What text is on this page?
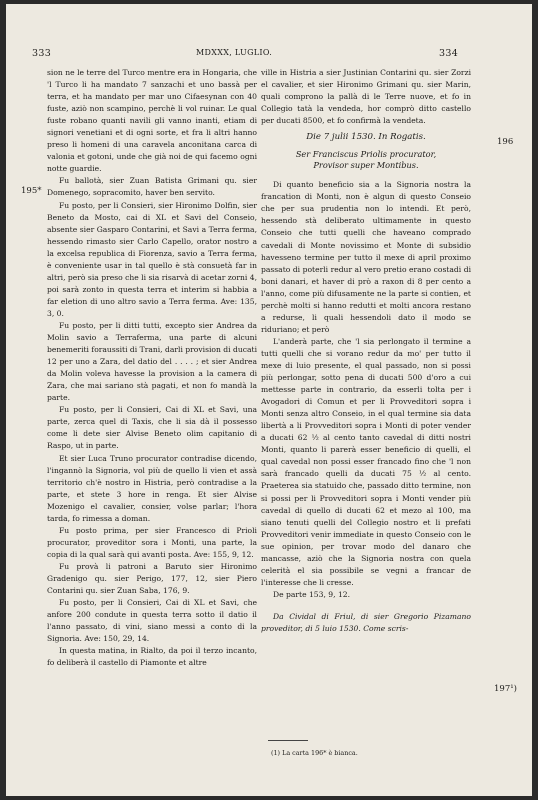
333	MDXXX, LUGLIO.	334
195*
196
197¹)

sion ne le terre del Turco mentre era in Hongaria, che 'l Turco li ha mandato 7 sanzachi et uno bassà per terra, et ha mandato per mar uno Cifaesynan con 40 fuste, aziò non scampino, perchè li vol ruinar. Le qual fuste robano quanti navili gli vanno inanti, etiam di signori venetiani et di ogni sorte, et fra li altri hanno preso li homeni di una caravela anconitana carca di valonia et gotoni, unde che già noi de qui facemo ogni notte guardie.

Fu ballotà, sier Zuan Batista Grimani qu. sier Domenego, sopracomito, haver ben servito.

Fu posto, per li Consieri, sier Hironimo Dolfin, sier Beneto da Mosto, cai di XL et Savi del Conseio, absente sier Gasparo Contarini, et Savi a Terra ferma, hessendo rimasto sier Carlo Capello, orator nostro a la excelsa republica di Fiorenza, savio a Terra ferma, è conveniente usar in tal quello è stà consuetà far in altri, però sia preso che li sia risarvà di acetar zorni 4, poi sarà zonto in questa terra et interim si habbia a far eletion di uno altro savio a Terra ferma. Ave: 135, 3, 0.

Fu posto, per li ditti tutti, excepto sier Andrea da Molin savio a Terraferma, una parte di alcuni benemeriti foraussiti di Trani, darli provision di ducati 12 per uno a Zara, del datio del . . . . ; et sier Andrea da Molin voleva havesse la provision a la camera di Zara, che mai sariano stà pagati, et non fo mandà la parte.

Fu posto, per li Consieri, Cai di XL et Savi, una parte, zerca quel di Taxis, che li sia dà il possesso come li dete sier Alvise Beneto olim capitanio di Raspo, ut in parte.

Et sier Luca Truno procurator contradise dicendo, l'ingannò la Signoria, vol più de quello li vien et assà territorio ch'è nostro in Histria, però contradise a la parte, et stete 3 hore in renga. Et sier Alvise Mozenigo el cavalier, consier, volse parlar; l'hora tarda, fo rimessa a doman.

Fu posto prima, per sier Francesco di Prioli procurator, proveditor sora i Monti, una parte, la copia di la qual sarà qui avanti posta. Ave: 155, 9, 12.

Fu provà li patroni a Baruto sier Hironimo Gradenigo qu. sier Perigo, 177, 12, sier Piero Contarini qu. sier Zuan Saba, 176, 9.

Fu posto, per li Consieri, Cai di XL et Savi, che anfore 200 condute in questa terra sotto il datio il l'anno passato, di vini, siano messi a conto di la Signoria. Ave: 150, 29, 14.

In questa matina, in Rialto, da poi il terzo incanto, fo deliberà il castello di Piamonte et altre

ville in Histria a sier Justinian Contarini qu. sier Zorzi el cavalier, et sier Hironimo Grimani qu. sier Marin, quali comprono la pallà di le Terre nuove, et fo in Collegio tatà la vendeda, hor comprò ditto castello per ducati 8500, et fo confirmà la vendeta.

Die 7 julii 1530. In Rogatis.
Ser Franciscus Priolis procurator,
Provisor super Montibus.

Di quanto beneficio sia a la Signoria nostra la francation di Monti, non è algun di questo Conseio che per sua prudentia non lo intendi. Et però, hessendo stà deliberato ultimamente in questo Conseio che tutti quelli che haveano comprado cavedali di Monte novissimo et Monte di subsidio havesseno termine per tutto il mexe di april proximo passato di poterli redur al vero pretio erano costadi di boni danari, et haver di prò a raxon di 8 per cento a l'anno, come più difusamente ne la parte si contien, et perchè molti si hanno redutti et molti ancora restano a redurse, li quali hessendoli dato il modo se riduriano; et però

L'anderà parte, che 'l sia perlongato il termine a tutti quelli che si vorano redur da mo' per tutto il mexe di luio presente, el qual passado, non si possi più perlongar, sotto pena di ducati 500 d'oro a cui mettesse parte in contrario, da esserli tolta per i Avogadori di Comun et per li Provveditori sopra i Monti senza altro Conseio, in el qual termine sia data libertà a li Provveditori sopra i Monti di poter vender a ducati 62 ½ al cento tanto cavedal di ditti nostri Monti, quanto li parerà esser beneficio di quelli, el qual cavedal non possi esser francado fino che 'l non sarà francado quelli da ducati 75 ½ al cento. Praeterea sia statuido che, passado ditto termine, non si possi per li Provveditori sopra i Monti vender più cavedal di quello di ducati 62 et mezo al 100, ma siano tenuti quelli del Collegio nostro et li prefati Provveditori venir immediate in questo Conseio con le sue opinion, per trovar modo del danaro che mancasse, aziò che la Signoria nostra con quela celerità el sia possibile se vegni a francar de l'interesse che li cresse.

De parte 153, 9, 12.

Da Cividal di Friul, di sier Gregorio Pizamano proveditor, di 5 luio 1530. Come scris-

(1) La carta 196* è bianca.
